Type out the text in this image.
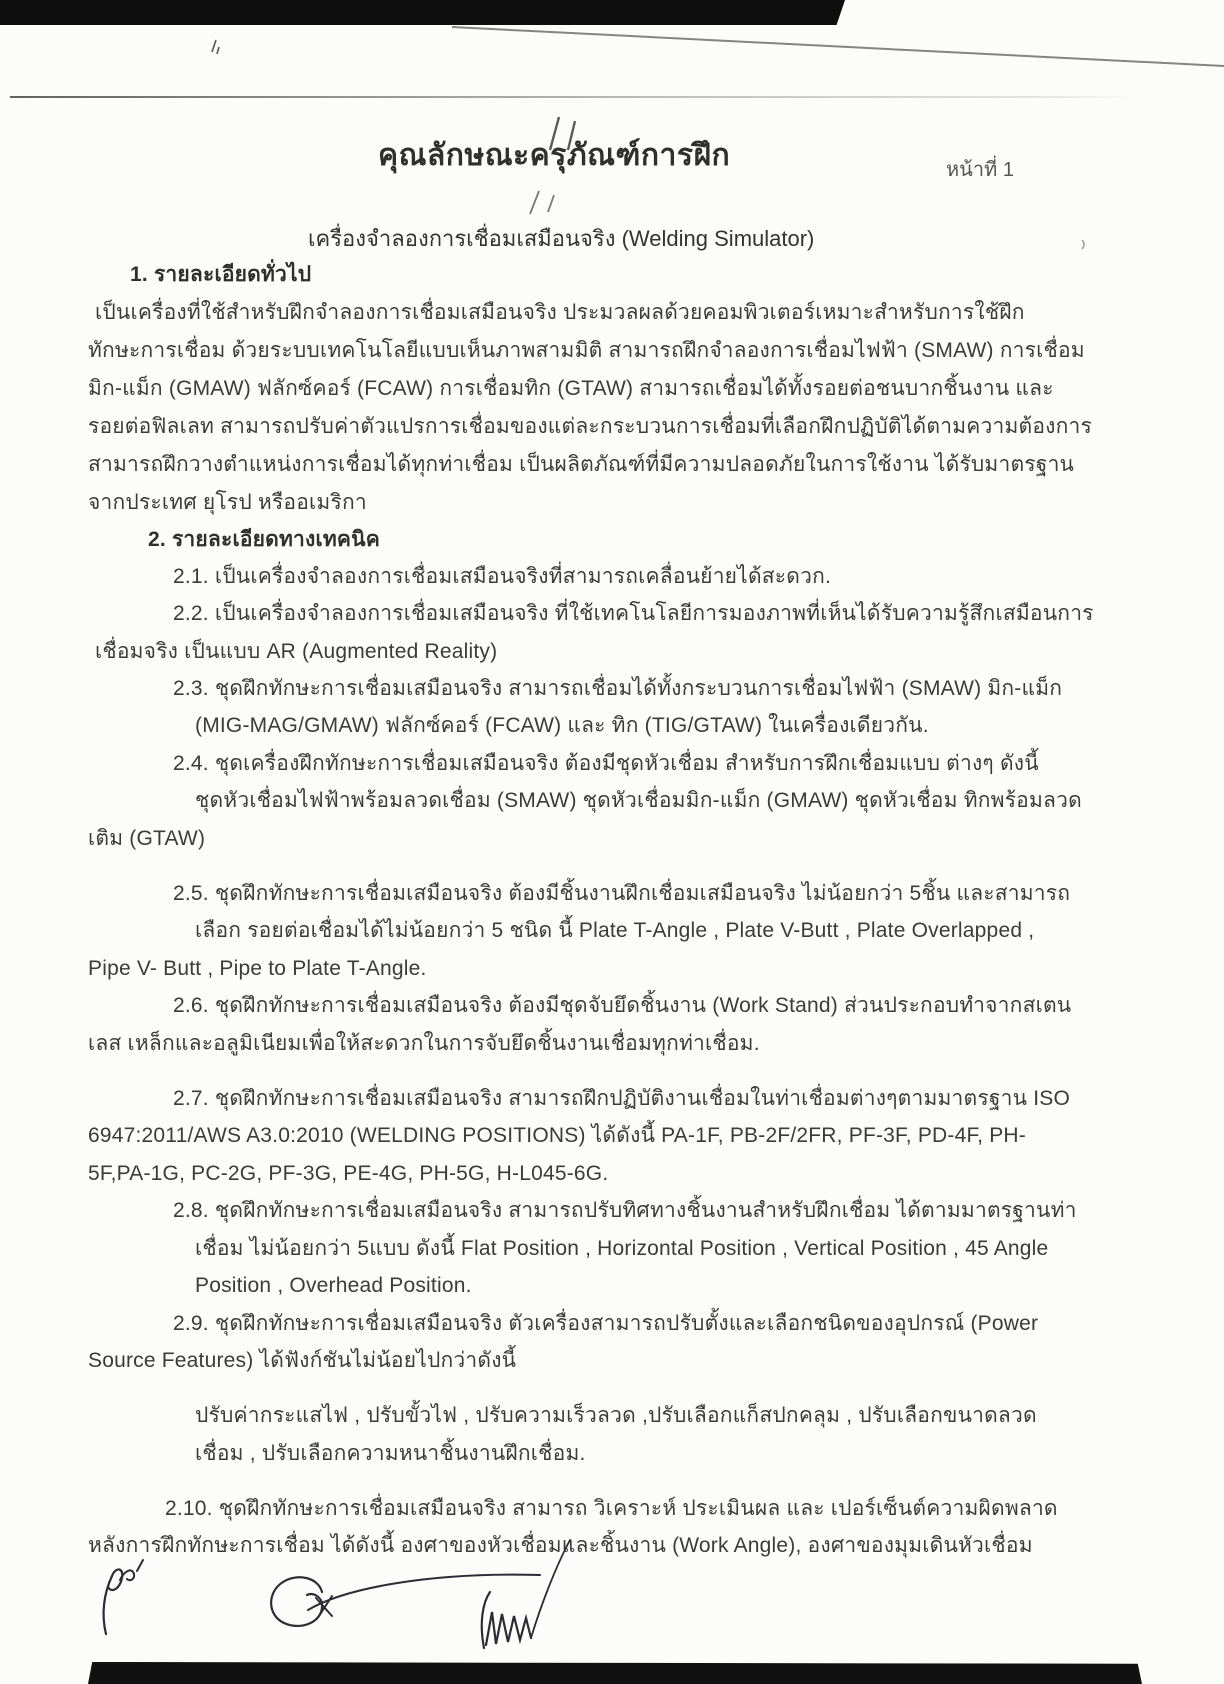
คุณลักษณะครุภัณฑ์การฝึก	หน้าที่ 1
เครื่องจำลองการเชื่อมเสมือนจริง (Welding Simulator)
1. รายละเอียดทั่วไป
เป็นเครื่องที่ใช้สำหรับฝึกจำลองการเชื่อมเสมือนจริง ประมวลผลด้วยคอมพิวเตอร์เหมาะสำหรับการใช้ฝึก
ทักษะการเชื่อม ด้วยระบบเทคโนโลยีแบบเห็นภาพสามมิติ สามารถฝึกจำลองการเชื่อมไฟฟ้า (SMAW) การเชื่อม
มิก-แม็ก (GMAW) ฟลักซ์คอร์ (FCAW) การเชื่อมทิก (GTAW) สามารถเชื่อมได้ทั้งรอยต่อชนบากชิ้นงาน และ
รอยต่อฟิลเลท สามารถปรับค่าตัวแปรการเชื่อมของแต่ละกระบวนการเชื่อมที่เลือกฝึกปฏิบัติได้ตามความต้องการ
สามารถฝึกวางตำแหน่งการเชื่อมได้ทุกท่าเชื่อม เป็นผลิตภัณฑ์ที่มีความปลอดภัยในการใช้งาน ได้รับมาตรฐาน
จากประเทศ ยุโรป หรืออเมริกา
2. รายละเอียดทางเทคนิค
2.1. เป็นเครื่องจำลองการเชื่อมเสมือนจริงที่สามารถเคลื่อนย้ายได้สะดวก.
2.2. เป็นเครื่องจำลองการเชื่อมเสมือนจริง ที่ใช้เทคโนโลยีการมองภาพที่เห็นได้รับความรู้สึกเสมือนการ
เชื่อมจริง เป็นแบบ AR (Augmented Reality)
2.3. ชุดฝึกทักษะการเชื่อมเสมือนจริง สามารถเชื่อมได้ทั้งกระบวนการเชื่อมไฟฟ้า (SMAW) มิก-แม็ก
(MIG-MAG/GMAW) ฟลักซ์คอร์ (FCAW) และ ทิก (TIG/GTAW) ในเครื่องเดียวกัน.
2.4. ชุดเครื่องฝึกทักษะการเชื่อมเสมือนจริง ต้องมีชุดหัวเชื่อม สำหรับการฝึกเชื่อมแบบ ต่างๆ ดังนี้
ชุดหัวเชื่อมไฟฟ้าพร้อมลวดเชื่อม (SMAW) ชุดหัวเชื่อมมิก-แม็ก (GMAW) ชุดหัวเชื่อม ทิกพร้อมลวด
เติม (GTAW)
2.5. ชุดฝึกทักษะการเชื่อมเสมือนจริง ต้องมีชิ้นงานฝึกเชื่อมเสมือนจริง ไม่น้อยกว่า 5ชิ้น และสามารถ
เลือก รอยต่อเชื่อมได้ไม่น้อยกว่า 5 ชนิด นี้ Plate T-Angle , Plate V-Butt , Plate Overlapped ,
Pipe V- Butt , Pipe to Plate T-Angle.
2.6. ชุดฝึกทักษะการเชื่อมเสมือนจริง ต้องมีชุดจับยึดชิ้นงาน (Work Stand) ส่วนประกอบทำจากสเตน
เลส เหล็กและอลูมิเนียมเพื่อให้สะดวกในการจับยึดชิ้นงานเชื่อมทุกท่าเชื่อม.
2.7. ชุดฝึกทักษะการเชื่อมเสมือนจริง สามารถฝึกปฏิบัติงานเชื่อมในท่าเชื่อมต่างๆตามมาตรฐาน ISO
6947:2011/AWS A3.0:2010 (WELDING POSITIONS) ได้ดังนี้ PA-1F, PB-2F/2FR, PF-3F, PD-4F, PH-
5F,PA-1G, PC-2G, PF-3G, PE-4G, PH-5G, H-L045-6G.
2.8. ชุดฝึกทักษะการเชื่อมเสมือนจริง สามารถปรับทิศทางชิ้นงานสำหรับฝึกเชื่อม ได้ตามมาตรฐานท่า
เชื่อม ไม่น้อยกว่า 5แบบ ดังนี้ Flat Position , Horizontal Position , Vertical Position , 45 Angle
Position , Overhead Position.
2.9. ชุดฝึกทักษะการเชื่อมเสมือนจริง ตัวเครื่องสามารถปรับตั้งและเลือกชนิดของอุปกรณ์ (Power
Source Features) ได้ฟังก์ชันไม่น้อยไปกว่าดังนี้
ปรับค่ากระแสไฟ , ปรับขั้วไฟ , ปรับความเร็วลวด ,ปรับเลือกแก็สปกคลุม , ปรับเลือกขนาดลวด
เชื่อม , ปรับเลือกความหนาชิ้นงานฝึกเชื่อม.
2.10. ชุดฝึกทักษะการเชื่อมเสมือนจริง สามารถ วิเคราะห์ ประเมินผล และ เปอร์เซ็นต์ความผิดพลาด
หลังการฝึกทักษะการเชื่อม ได้ดังนี้ องศาของหัวเชื่อมและชิ้นงาน (Work Angle), องศาของมุมเดินหัวเชื่อม
